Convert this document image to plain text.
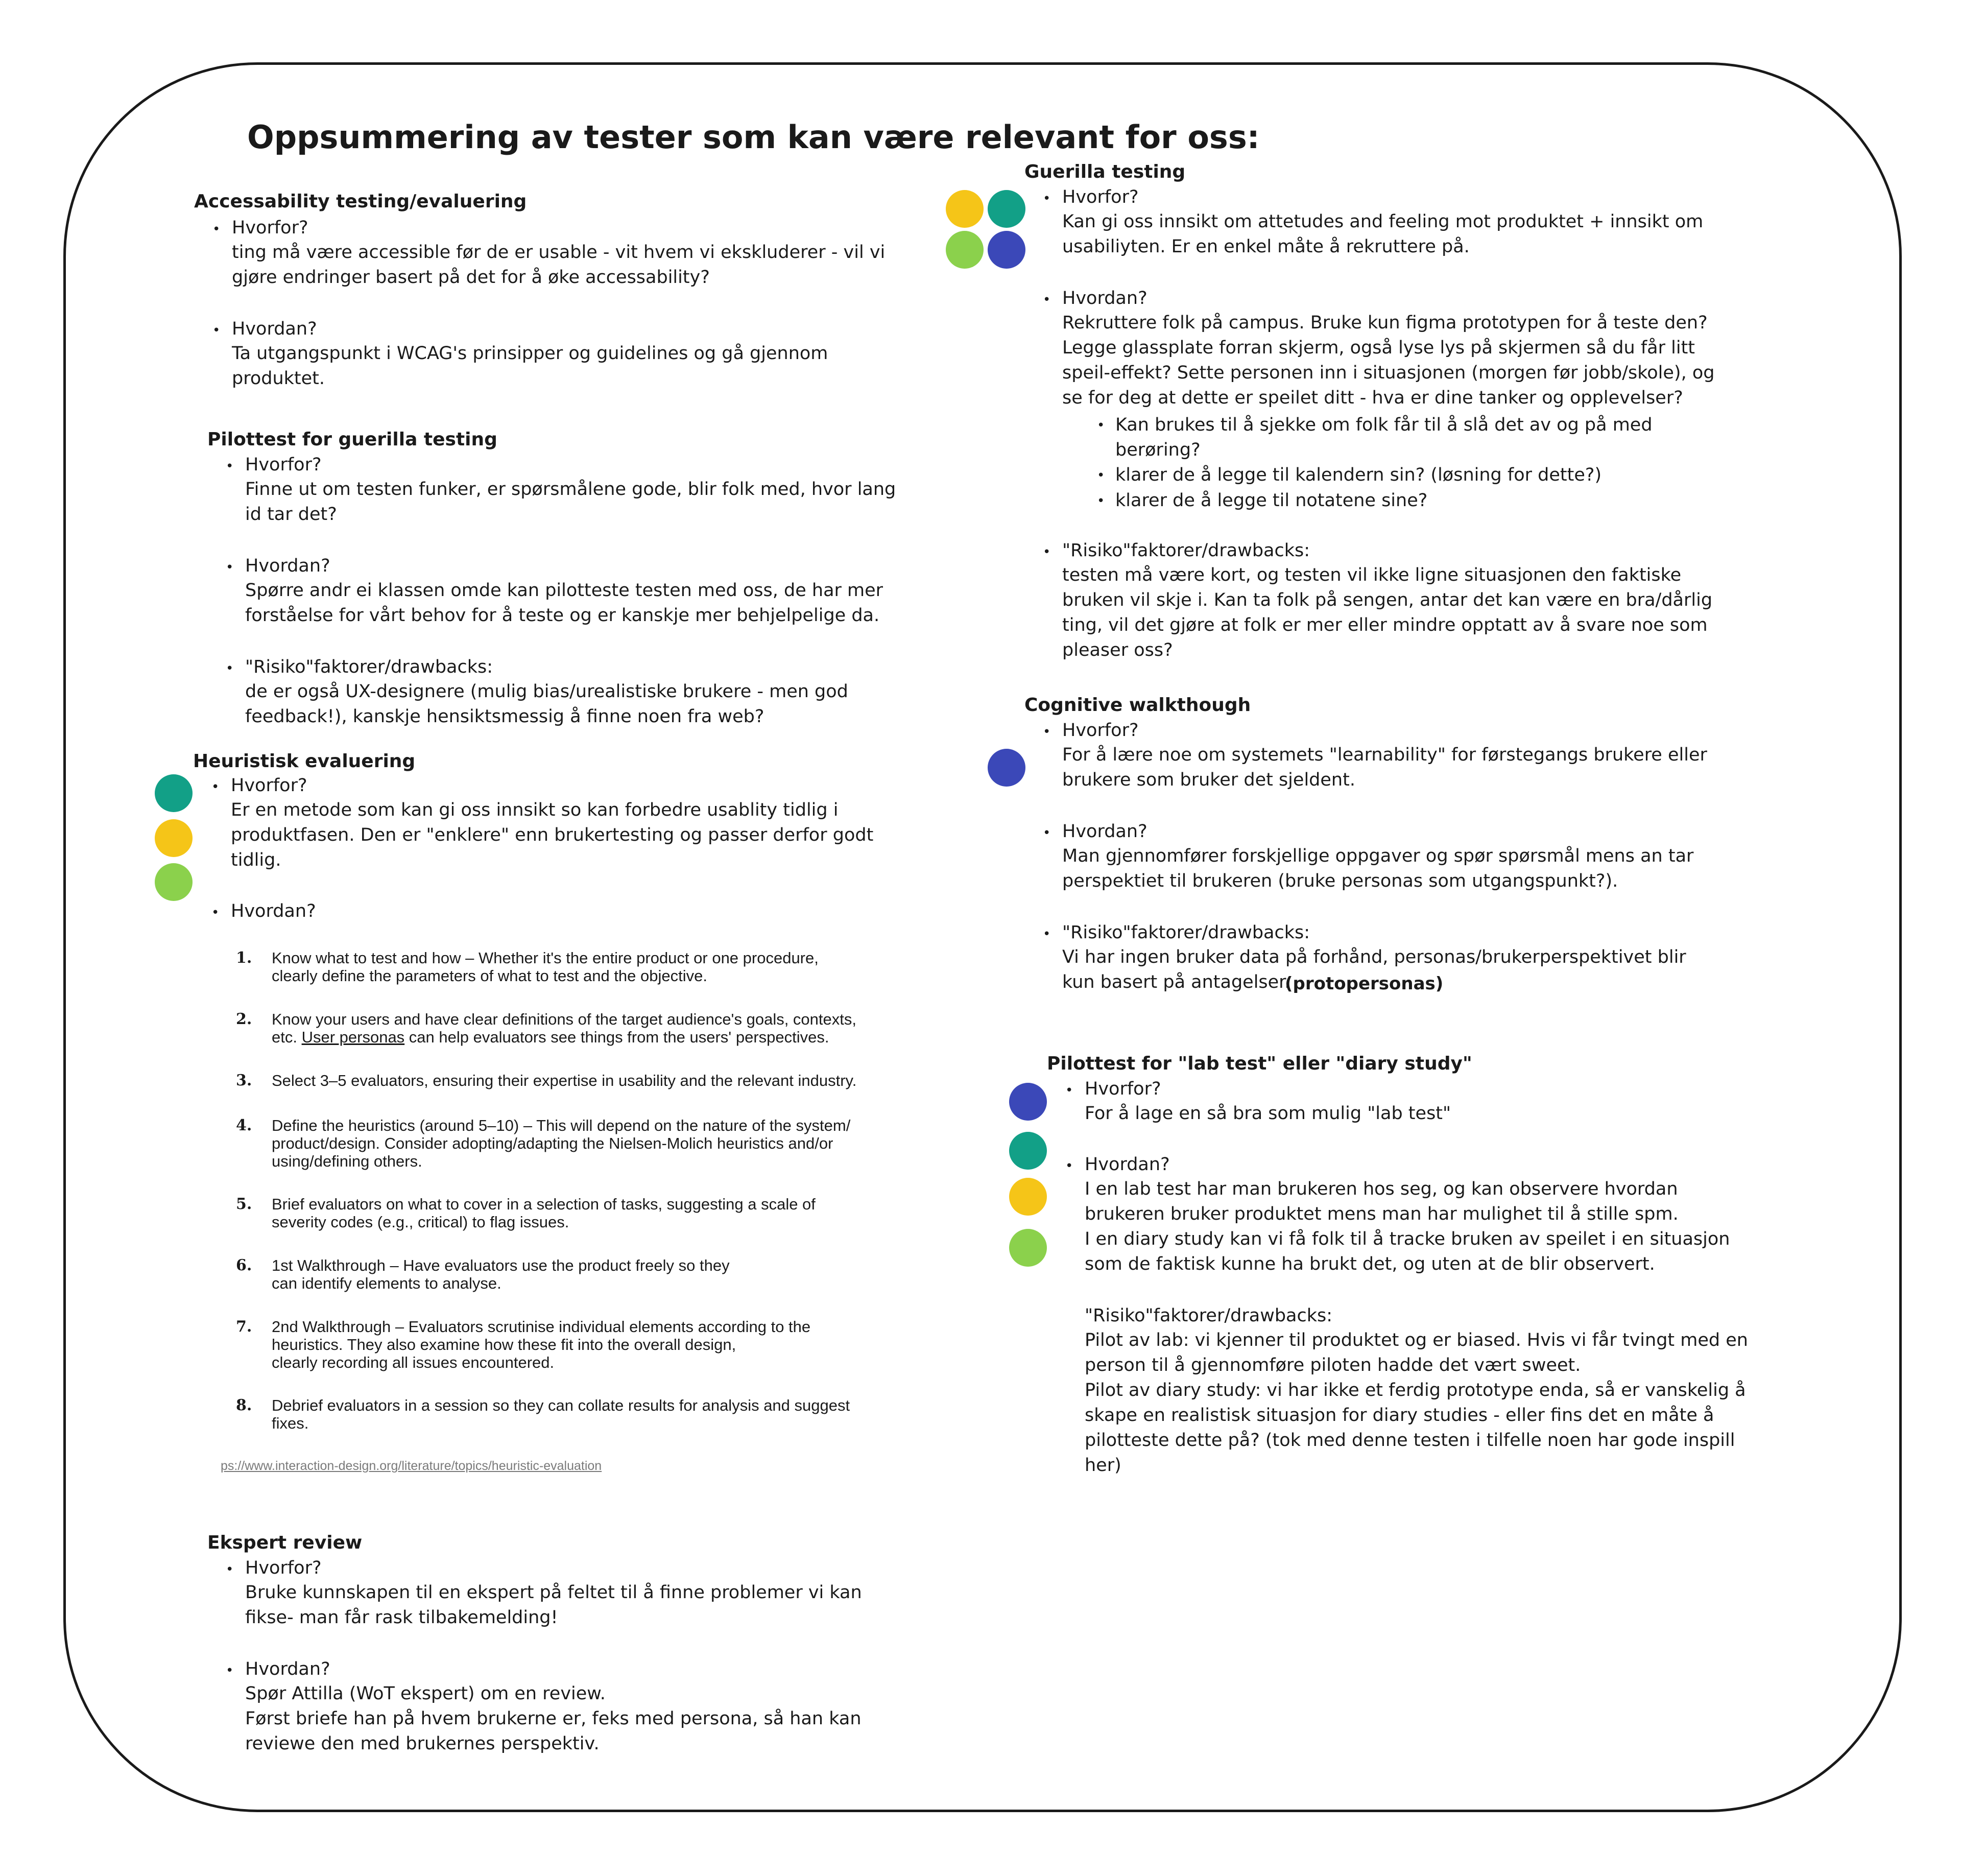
Oppsummering av tester som kan være relevant for oss:
Accessability testing/evaluering
• Hvorfor?
ting må være accessible før de er usable - vit hvem vi ekskluderer - vil vi
gjøre endringer basert på det for å øke accessability?
• Hvordan?
Ta utgangspunkt i WCAG's prinsipper og guidelines og gå gjennom
produktet.
Pilottest for guerilla testing
• Hvorfor?
Finne ut om testen funker, er spørsmålene gode, blir folk med, hvor lang
id tar det?
• Hvordan?
Spørre andr ei klassen omde kan pilotteste testen med oss, de har mer
forståelse for vårt behov for å teste og er kanskje mer behjelpelige da.
• "Risiko"faktorer/drawbacks:
de er også UX-designere (mulig bias/urealistiske brukere - men god
feedback!), kanskje hensiktsmessig å finne noen fra web?
Heuristisk evaluering
• Hvorfor?
Er en metode som kan gi oss innsikt so kan forbedre usablity tidlig i
produktfasen. Den er "enklere" enn brukertesting og passer derfor godt
tidlig.
• Hvordan?
1. Know what to test and how – Whether it's the entire product or one procedure,
clearly define the parameters of what to test and the objective.
2. Know your users and have clear definitions of the target audience's goals, contexts,
etc. User personas can help evaluators see things from the users' perspectives.
3. Select 3–5 evaluators, ensuring their expertise in usability and the relevant industry.
4. Define the heuristics (around 5–10) – This will depend on the nature of the system/
product/design. Consider adopting/adapting the Nielsen-Molich heuristics and/or
using/defining others.
5. Brief evaluators on what to cover in a selection of tasks, suggesting a scale of
severity codes (e.g., critical) to flag issues.
6. 1st Walkthrough – Have evaluators use the product freely so they
can identify elements to analyse.
7. 2nd Walkthrough – Evaluators scrutinise individual elements according to the
heuristics. They also examine how these fit into the overall design,
clearly recording all issues encountered.
8. Debrief evaluators in a session so they can collate results for analysis and suggest
fixes.
ps://www.interaction-design.org/literature/topics/heuristic-evaluation
Ekspert review
• Hvorfor?
Bruke kunnskapen til en ekspert på feltet til å finne problemer vi kan
fikse- man får rask tilbakemelding!
• Hvordan?
Spør Attilla (WoT ekspert) om en review.
Først briefe han på hvem brukerne er, feks med persona, så han kan
reviewe den med brukernes perspektiv.
Guerilla testing
• Hvorfor?
Kan gi oss innsikt om attetudes and feeling mot produktet + innsikt om
usabiliyten. Er en enkel måte å rekruttere på.
• Hvordan?
Rekruttere folk på campus. Bruke kun figma prototypen for å teste den?
Legge glassplate forran skjerm, også lyse lys på skjermen så du får litt
speil-effekt? Sette personen inn i situasjonen (morgen før jobb/skole), og
se for deg at dette er speilet ditt - hva er dine tanker og opplevelser?
• Kan brukes til å sjekke om folk får til å slå det av og på med
berøring?
• klarer de å legge til kalendern sin? (løsning for dette?)
• klarer de å legge til notatene sine?
• "Risiko"faktorer/drawbacks:
testen må være kort, og testen vil ikke ligne situasjonen den faktiske
bruken vil skje i. Kan ta folk på sengen, antar det kan være en bra/dårlig
ting, vil det gjøre at folk er mer eller mindre opptatt av å svare noe som
pleaser oss?
Cognitive walkthough
• Hvorfor?
For å lære noe om systemets "learnability" for førstegangs brukere eller
brukere som bruker det sjeldent.
• Hvordan?
Man gjennomfører forskjellige oppgaver og spør spørsmål mens an tar
perspektiet til brukeren (bruke personas som utgangspunkt?).
• "Risiko"faktorer/drawbacks:
Vi har ingen bruker data på forhånd, personas/brukerperspektivet blir
kun basert på antagelser.
(protopersonas)
Pilottest for "lab test" eller "diary study"
• Hvorfor?
For å lage en så bra som mulig "lab test"
• Hvordan?
I en lab test har man brukeren hos seg, og kan observere hvordan
brukeren bruker produktet mens man har mulighet til å stille spm.
I en diary study kan vi få folk til å tracke bruken av speilet i en situasjon
som de faktisk kunne ha brukt det, og uten at de blir observert.
"Risiko"faktorer/drawbacks:
Pilot av lab: vi kjenner til produktet og er biased. Hvis vi får tvingt med en
person til å gjennomføre piloten hadde det vært sweet.
Pilot av diary study: vi har ikke et ferdig prototype enda, så er vanskelig å
skape en realistisk situasjon for diary studies - eller fins det en måte å
pilotteste dette på? (tok med denne testen i tilfelle noen har gode inspill
her)
